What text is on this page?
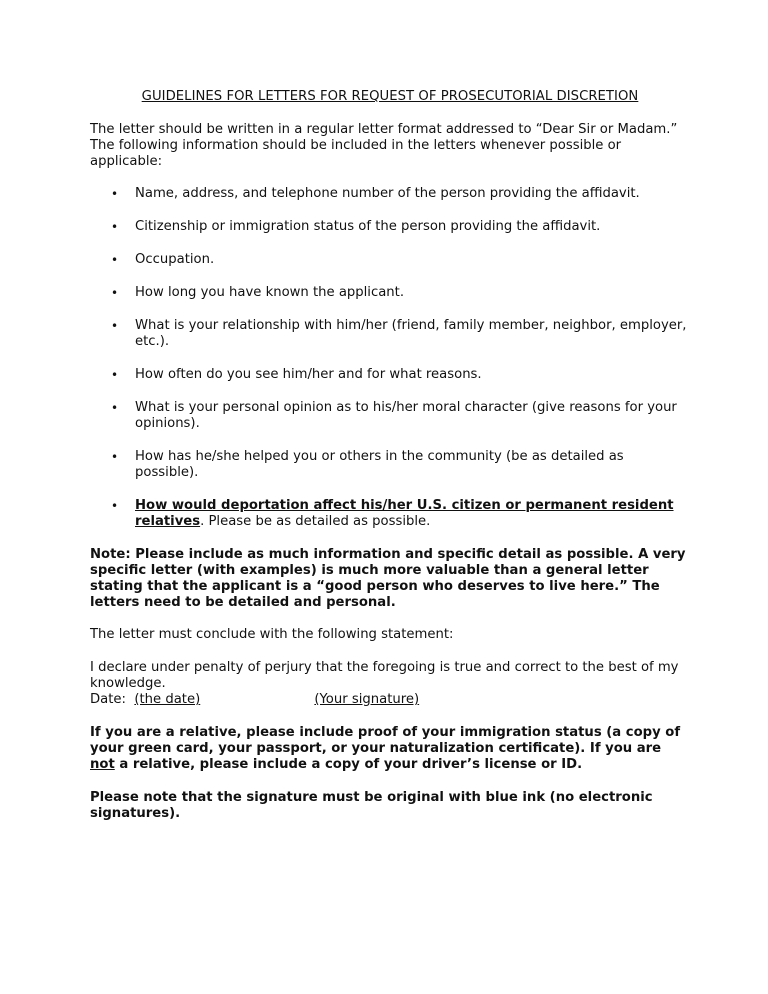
GUIDELINES FOR LETTERS FOR REQUEST OF PROSECUTORIAL DISCRETION

The letter should be written in a regular letter format addressed to “Dear Sir or Madam.” The following information should be included in the letters whenever possible or applicable:

• Name, address, and telephone number of the person providing the affidavit.
• Citizenship or immigration status of the person providing the affidavit.
• Occupation.
• How long you have known the applicant.
• What is your relationship with him/her (friend, family member, neighbor, employer, etc.).
• How often do you see him/her and for what reasons.
• What is your personal opinion as to his/her moral character (give reasons for your opinions).
• How has he/she helped you or others in the community (be as detailed as possible).
• How would deportation affect his/her U.S. citizen or permanent resident relatives. Please be as detailed as possible.

Note: Please include as much information and specific detail as possible. A very specific letter (with examples) is much more valuable than a general letter stating that the applicant is a “good person who deserves to live here.” The letters need to be detailed and personal.

The letter must conclude with the following statement:

I declare under penalty of perjury that the foregoing is true and correct to the best of my knowledge.

Date: (the date)	(Your signature)

If you are a relative, please include proof of your immigration status (a copy of your green card, your passport, or your naturalization certificate). If you are not a relative, please include a copy of your driver’s license or ID.

Please note that the signature must be original with blue ink (no electronic signatures).
